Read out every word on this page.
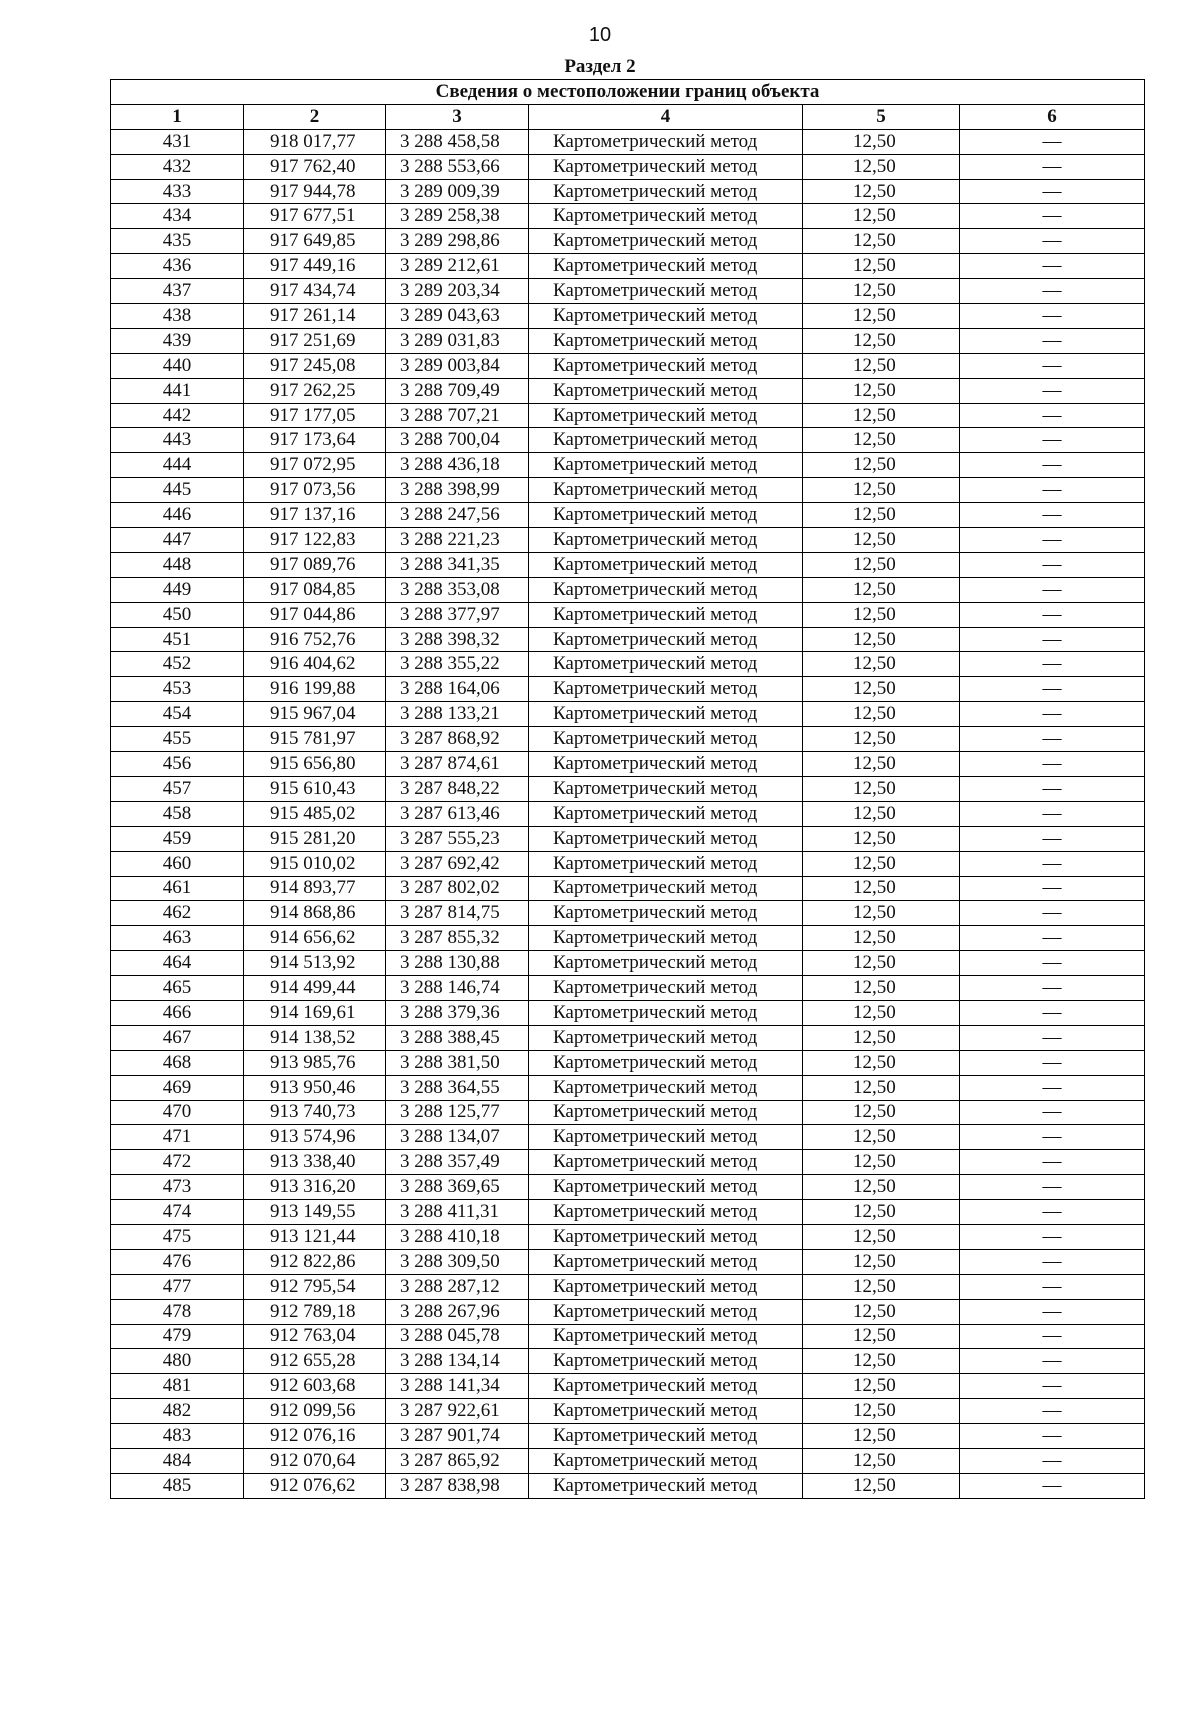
10
Раздел 2
Сведения о местоположении границ объекта					
1	2	3	4	5	6
431	918 017,77	3 288 458,58	Картометрический метод	12,50	—
432	917 762,40	3 288 553,66	Картометрический метод	12,50	—
433	917 944,78	3 289 009,39	Картометрический метод	12,50	—
434	917 677,51	3 289 258,38	Картометрический метод	12,50	—
435	917 649,85	3 289 298,86	Картометрический метод	12,50	—
436	917 449,16	3 289 212,61	Картометрический метод	12,50	—
437	917 434,74	3 289 203,34	Картометрический метод	12,50	—
438	917 261,14	3 289 043,63	Картометрический метод	12,50	—
439	917 251,69	3 289 031,83	Картометрический метод	12,50	—
440	917 245,08	3 289 003,84	Картометрический метод	12,50	—
441	917 262,25	3 288 709,49	Картометрический метод	12,50	—
442	917 177,05	3 288 707,21	Картометрический метод	12,50	—
443	917 173,64	3 288 700,04	Картометрический метод	12,50	—
444	917 072,95	3 288 436,18	Картометрический метод	12,50	—
445	917 073,56	3 288 398,99	Картометрический метод	12,50	—
446	917 137,16	3 288 247,56	Картометрический метод	12,50	—
447	917 122,83	3 288 221,23	Картометрический метод	12,50	—
448	917 089,76	3 288 341,35	Картометрический метод	12,50	—
449	917 084,85	3 288 353,08	Картометрический метод	12,50	—
450	917 044,86	3 288 377,97	Картометрический метод	12,50	—
451	916 752,76	3 288 398,32	Картометрический метод	12,50	—
452	916 404,62	3 288 355,22	Картометрический метод	12,50	—
453	916 199,88	3 288 164,06	Картометрический метод	12,50	—
454	915 967,04	3 288 133,21	Картометрический метод	12,50	—
455	915 781,97	3 287 868,92	Картометрический метод	12,50	—
456	915 656,80	3 287 874,61	Картометрический метод	12,50	—
457	915 610,43	3 287 848,22	Картометрический метод	12,50	—
458	915 485,02	3 287 613,46	Картометрический метод	12,50	—
459	915 281,20	3 287 555,23	Картометрический метод	12,50	—
460	915 010,02	3 287 692,42	Картометрический метод	12,50	—
461	914 893,77	3 287 802,02	Картометрический метод	12,50	—
462	914 868,86	3 287 814,75	Картометрический метод	12,50	—
463	914 656,62	3 287 855,32	Картометрический метод	12,50	—
464	914 513,92	3 288 130,88	Картометрический метод	12,50	—
465	914 499,44	3 288 146,74	Картометрический метод	12,50	—
466	914 169,61	3 288 379,36	Картометрический метод	12,50	—
467	914 138,52	3 288 388,45	Картометрический метод	12,50	—
468	913 985,76	3 288 381,50	Картометрический метод	12,50	—
469	913 950,46	3 288 364,55	Картометрический метод	12,50	—
470	913 740,73	3 288 125,77	Картометрический метод	12,50	—
471	913 574,96	3 288 134,07	Картометрический метод	12,50	—
472	913 338,40	3 288 357,49	Картометрический метод	12,50	—
473	913 316,20	3 288 369,65	Картометрический метод	12,50	—
474	913 149,55	3 288 411,31	Картометрический метод	12,50	—
475	913 121,44	3 288 410,18	Картометрический метод	12,50	—
476	912 822,86	3 288 309,50	Картометрический метод	12,50	—
477	912 795,54	3 288 287,12	Картометрический метод	12,50	—
478	912 789,18	3 288 267,96	Картометрический метод	12,50	—
479	912 763,04	3 288 045,78	Картометрический метод	12,50	—
480	912 655,28	3 288 134,14	Картометрический метод	12,50	—
481	912 603,68	3 288 141,34	Картометрический метод	12,50	—
482	912 099,56	3 287 922,61	Картометрический метод	12,50	—
483	912 076,16	3 287 901,74	Картометрический метод	12,50	—
484	912 070,64	3 287 865,92	Картометрический метод	12,50	—
485	912 076,62	3 287 838,98	Картометрический метод	12,50	—
